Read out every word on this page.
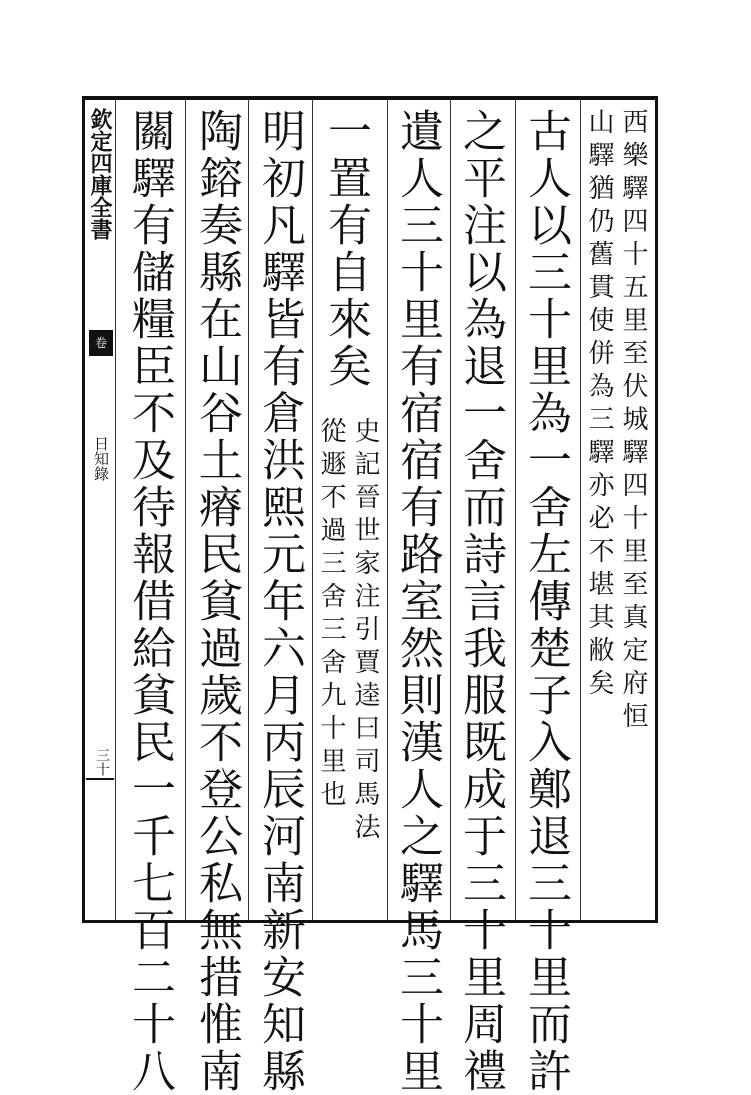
欽定四庫全書
卷
日知錄
三十
西樂驛四十五里至伏城驛四十里至真定府恒
山驛猶仍舊貫使併為三驛亦必不堪其敝矣
古人以三十里為一舍左傳楚子入鄭退三十里而許
之平注以為退一舍而詩言我服既成于三十里周禮
遺人三十里有宿宿有路室然則漢人之驛馬三十里
一置有自來矣
史記晉世家注引賈逵曰司馬法
從遯不過三舍三舍九十里也
明初凡驛皆有倉洪熙元年六月丙辰河南新安知縣
陶鎔奏縣在山谷土瘠民貧過歲不登公私無措惟南
關驛有儲糧臣不及待報借給貧民一千七百二十八
